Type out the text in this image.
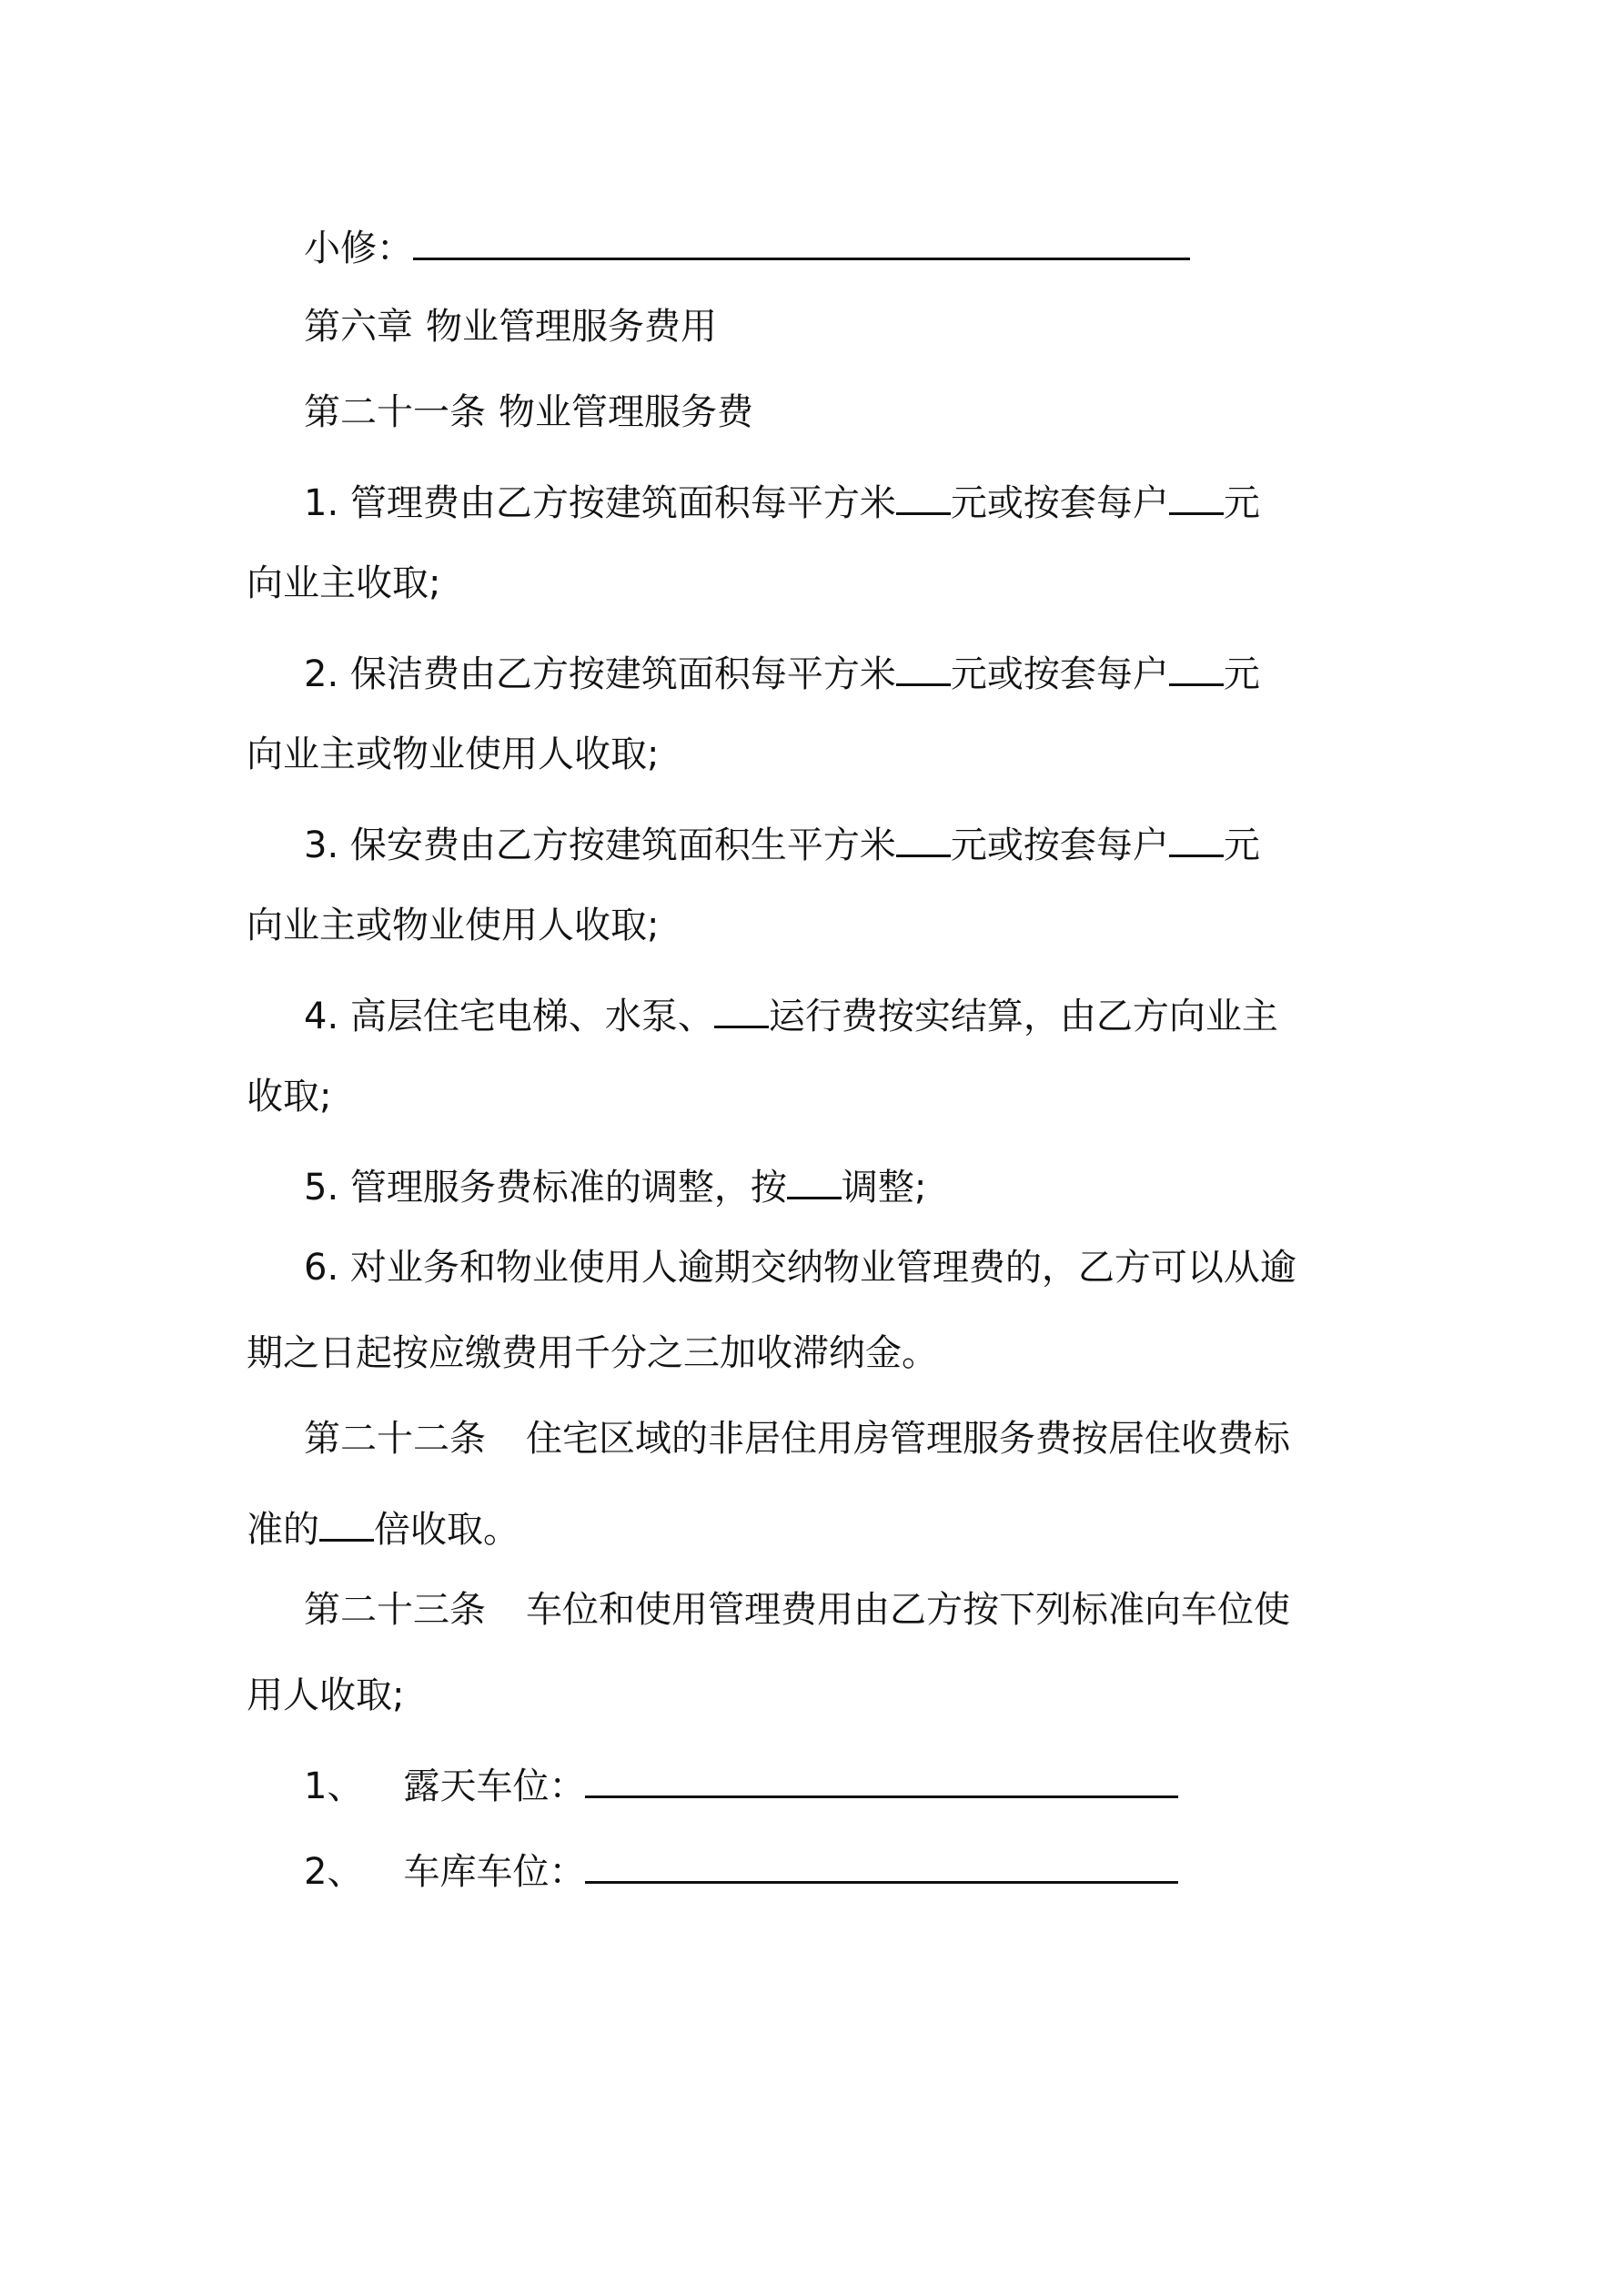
小修：
第六章 物业管理服务费用
第二十一条 物业管理服务费
1. 管理费由乙方按建筑面积每平方米 元或按套每户 元
向业主收取;
2. 保洁费由乙方按建筑面积每平方米 元或按套每户 元
向业主或物业使用人收取;
3. 保安费由乙方按建筑面积生平方米 元或按套每户 元
向业主或物业使用人收取;
4. 高层住宅电梯、水泵、 运行费按实结算，由乙方向业主
收取;
5. 管理服务费标准的调整，按 调整;
6. 对业务和物业使用人逾期交纳物业管理费的，乙方可以从逾
期之日起按应缴费用千分之三加收滞纳金。
第二十二条 住宅区域的非居住用房管理服务费按居住收费标
准的 倍收取。
第二十三条 车位和使用管理费用由乙方按下列标准向车位使
用人收取;
1、 露天车位：
2、 车库车位：
